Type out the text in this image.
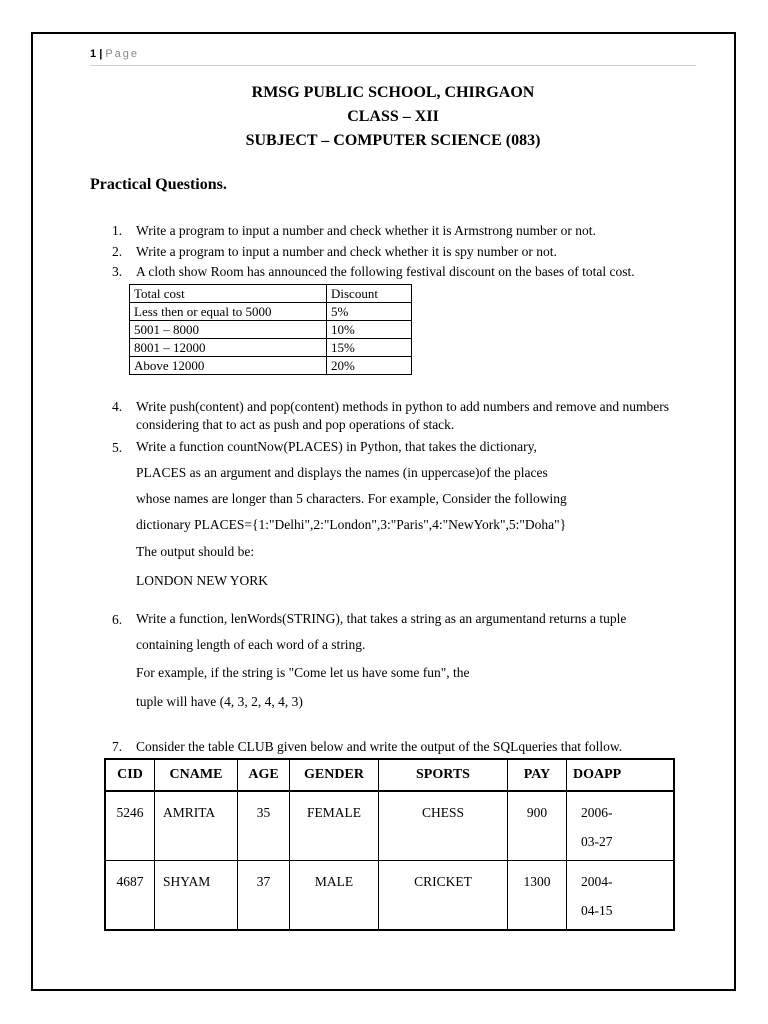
1 | Page
RMSG PUBLIC SCHOOL, CHIRGAON
CLASS – XII
SUBJECT – COMPUTER SCIENCE (083)
Practical Questions.
1. Write a program to input a number and check whether it is Armstrong number or not.
2. Write a program to input a number and check whether it is spy number or not.
3. A cloth show Room has announced the following festival discount on the bases of total cost.
Total cost	Discount
Less then or equal to 5000	5%
5001 – 8000	10%
8001 – 12000	15%
Above 12000	20%
4. Write push(content) and pop(content) methods in python to add numbers and remove and numbers considering that to act as push and pop operations of stack.
5. Write a function countNow(PLACES) in Python, that takes the dictionary,
PLACES as an argument and displays the names (in uppercase)of the places
whose names are longer than 5 characters. For example, Consider the following
dictionary PLACES={1:"Delhi",2:"London",3:"Paris",4:"NewYork",5:"Doha"}
The output should be:
LONDON NEW YORK
6. Write a function, lenWords(STRING), that takes a string as an argumentand returns a tuple
containing length of each word of a string.
For example, if the string is "Come let us have some fun", the
tuple will have (4, 3, 2, 4, 4, 3)
7. Consider the table CLUB given below and write the output of the SQLqueries that follow.
CID	CNAME	AGE	GENDER	SPORTS	PAY	DOAPP
5246	AMRITA	35	FEMALE	CHESS	900	2006-
03-27

4687	SHYAM	37	MALE	CRICKET	1300	2004-
04-15
